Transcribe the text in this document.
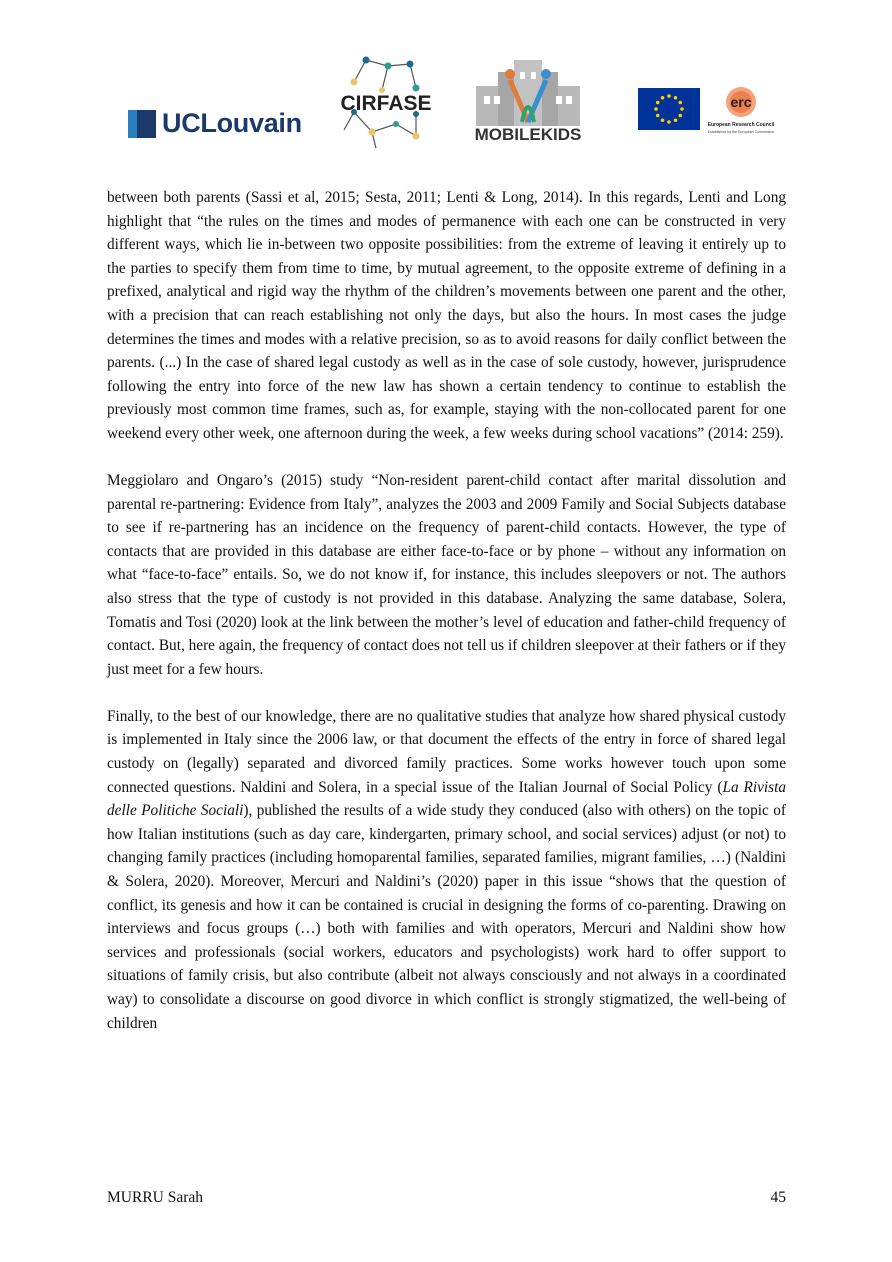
UCLouvain
CIRFASE
MOBILEKIDS
erc
European Research Council
Established by the European Commission

between both parents (Sassi et al, 2015; Sesta, 2011; Lenti & Long, 2014). In this regards, Lenti and Long highlight that “the rules on the times and modes of permanence with each one can be constructed in very different ways, which lie in-between two opposite possibilities: from the extreme of leaving it entirely up to the parties to specify them from time to time, by mutual agreement, to the opposite extreme of defining in a prefixed, analytical and rigid way the rhythm of the children’s movements between one parent and the other, with a precision that can reach establishing not only the days, but also the hours. In most cases the judge determines the times and modes with a relative precision, so as to avoid reasons for daily conflict between the parents. (...) In the case of shared legal custody as well as in the case of sole custody, however, jurisprudence following the entry into force of the new law has shown a certain tendency to continue to establish the previously most common time frames, such as, for example, staying with the non-collocated parent for one weekend every other week, one afternoon during the week, a few weeks during school vacations” (2014: 259).

Meggiolaro and Ongaro’s (2015) study “Non-resident parent-child contact after marital dissolution and parental re-partnering: Evidence from Italy”, analyzes the 2003 and 2009 Family and Social Subjects database to see if re-partnering has an incidence on the frequency of parent-child contacts. However, the type of contacts that are provided in this database are either face-to-face or by phone – without any information on what “face-to-face” entails. So, we do not know if, for instance, this includes sleepovers or not. The authors also stress that the type of custody is not provided in this database. Analyzing the same database, Solera, Tomatis and Tosi (2020) look at the link between the mother’s level of education and father-child frequency of contact. But, here again, the frequency of contact does not tell us if children sleepover at their fathers or if they just meet for a few hours.

Finally, to the best of our knowledge, there are no qualitative studies that analyze how shared physical custody is implemented in Italy since the 2006 law, or that document the effects of the entry in force of shared legal custody on (legally) separated and divorced family practices. Some works however touch upon some connected questions. Naldini and Solera, in a special issue of the Italian Journal of Social Policy (La Rivista delle Politiche Sociali), published the results of a wide study they conduced (also with others) on the topic of how Italian institutions (such as day care, kindergarten, primary school, and social services) adjust (or not) to changing family practices (including homoparental families, separated families, migrant families, …) (Naldini & Solera, 2020). Moreover, Mercuri and Naldini’s (2020) paper in this issue “shows that the question of conflict, its genesis and how it can be contained is crucial in designing the forms of co-parenting. Drawing on interviews and focus groups (…) both with families and with operators, Mercuri and Naldini show how services and professionals (social workers, educators and psychologists) work hard to offer support to situations of family crisis, but also contribute (albeit not always consciously and not always in a coordinated way) to consolidate a discourse on good divorce in which conflict is strongly stigmatized, the well-being of children

MURRU Sarah	45
